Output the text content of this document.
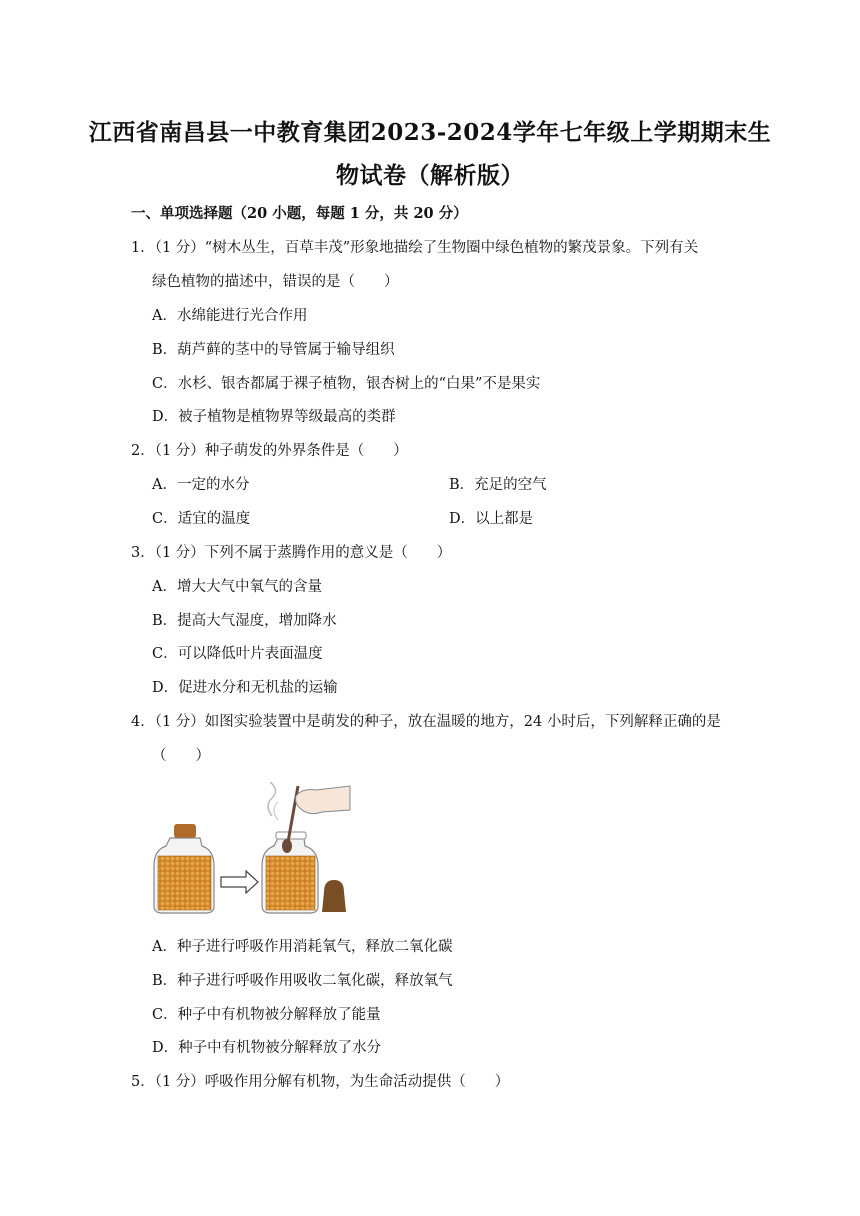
江西省南昌县一中教育集团2023-2024学年七年级上学期期末生
物试卷（解析版）
一、单项选择题（20 小题，每题 1 分，共 20 分）
1．（1 分）“树木丛生，百草丰茂”形象地描绘了生物圈中绿色植物的繁茂景象。下列有关
绿色植物的描述中，错误的是（　　）
A．水绵能进行光合作用
B．葫芦藓的茎中的导管属于输导组织
C．水杉、银杏都属于裸子植物，银杏树上的“白果”不是果实
D．被子植物是植物界等级最高的类群
2．（1 分）种子萌发的外界条件是（　　）
A．一定的水分	B．充足的空气
C．适宜的温度	D．以上都是
3．（1 分）下列不属于蒸腾作用的意义是（　　）
A．增大大气中氧气的含量
B．提高大气湿度，增加降水
C．可以降低叶片表面温度
D．促进水分和无机盐的运输
4．（1 分）如图实验装置中是萌发的种子，放在温暖的地方，24 小时后，下列解释正确的是
（　　）
A．种子进行呼吸作用消耗氧气，释放二氧化碳
B．种子进行呼吸作用吸收二氧化碳，释放氧气
C．种子中有机物被分解释放了能量
D．种子中有机物被分解释放了水分
5．（1 分）呼吸作用分解有机物，为生命活动提供（　　）
